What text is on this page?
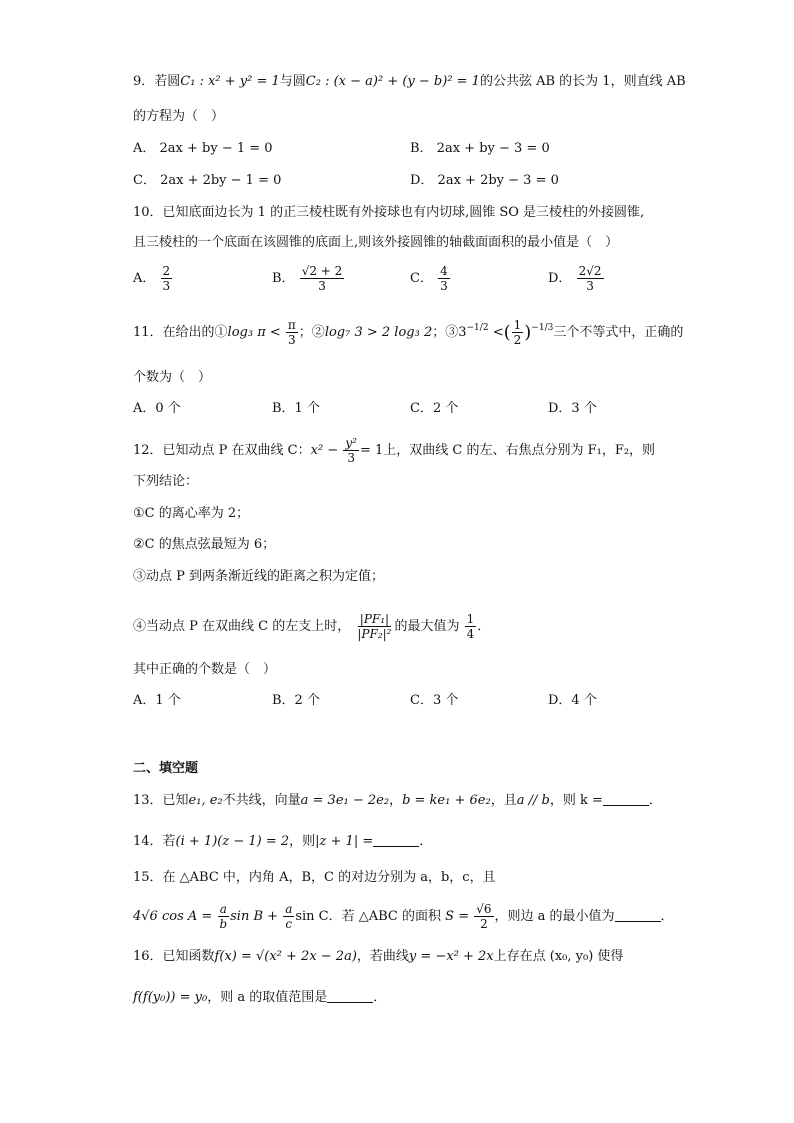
9．若圆C₁ : x² + y² = 1与圆C₂ : (x − a)² + (y − b)² = 1的公共弦 AB 的长为 1，则直线 AB
的方程为（　）
A． 2ax + by − 1 = 0	B． 2ax + by − 3 = 0
C． 2ax + 2by − 1 = 0	D． 2ax + 2by − 3 = 0
10．已知底面边长为 1 的正三棱柱既有外接球也有内切球,圆锥 SO 是三棱柱的外接圆锥,
且三棱柱的一个底面在该圆锥的底面上,则该外接圆锥的轴截面面积的最小值是（　）
A． $\frac{2}{3}$	B． $\frac{√2 + 2}{3}$	C． $\frac{4}{3}$	D． $\frac{2√2}{3}$
11．在给出的①log₃ $\pi < \frac{\pi}{3}$ ；②log₇ 3 > 2 log₃ 2；$③3^{-1/2}$ <( $\frac{1}{2} )^{-1/3}$三个不等式中，正确的
个数为（　）
A．0 个	B．1 个	C．2 个	D．3 个
12．已知动点 P 在双曲线 C：$x^2 - \frac{\text{y²}}{3} = 1$上，双曲线 C 的左、右焦点分别为 F₁，F₂，则
下列结论：
①C 的离心率为 2；
②C 的焦点弦最短为 6；
③动点 P 到两条渐近线的距离之积为定值；
④当动点 P 在双曲线 C 的左支上时， $\frac{\text{|PF₁|}}{\text{|PF₂|²}}$ 的最大值为 $\frac{1}{4}$ ．
其中正确的个数是（　）
A．1 个	B．2 个	C．3 个	D．4 个
二、填空题
13．已知e₁, e₂不共线，向量a = 3e₁ − 2e₂，b = ke₁ + 6e₂，且a // b，则 k =	．
14．若(i + 1)(z − 1) = 2，则|z + 1| =	．
15．在 △ABC 中，内角 A，B，C 的对边分别为 a，b，c，且
4√6 $\cos A = \frac{a}{b}$ $\sin B + \frac{a}{c}$ sin C．若 △ABC 的面积 $S = \frac{√6}{2}$ ，则边 a 的最小值为	．
16．已知函数f(x) = √(x² + 2x − 2a)，若曲线y = −x² + 2x上存在点 (x₀, y₀) 使得
f(f(y₀)) = y₀，则 a 的取值范围是	．
